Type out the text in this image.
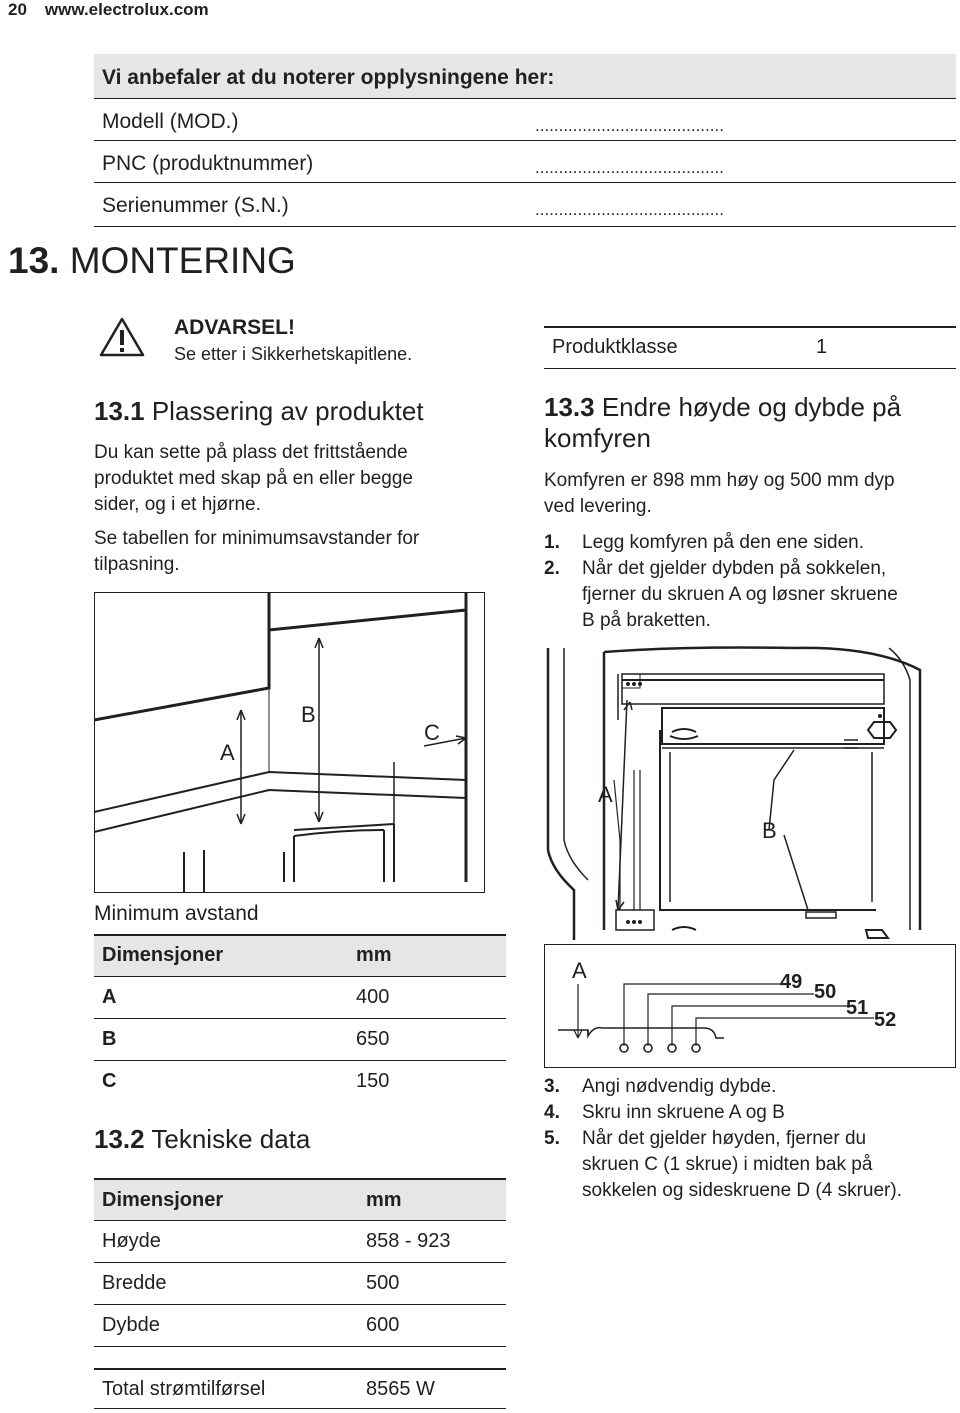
20 www.electrolux.com
Vi anbefaler at du noterer opplysningene her:
Modell (MOD.)	........................................
PNC (produktnummer)	........................................
Serienummer (S.N.)	........................................
13. MONTERING
ADVARSEL!
Se etter i Sikkerhetskapitlene.
13.1 Plassering av produktet
Du kan sette på plass det frittstående
produktet med skap på en eller begge
sider, og i et hjørne.
Se tabellen for minimumsavstander for
tilpasning.
A
B
C
Minimum avstand
Dimensjoner	mm
A	400
B	650
C	150
13.2 Tekniske data
Dimensjoner	mm
Høyde	858 - 923
Bredde	500
Dybde	600
Total strømtilførsel	8565 W
Produktklasse	1
13.3 Endre høyde og dybde på
komfyren
Komfyren er 898 mm høy og 500 mm dyp
ved levering.
1. Legg komfyren på den ene siden.
2. Når det gjelder dybden på sokkelen,
fjerner du skruen A og løsner skruene
B på braketten.
A
B
A	49 50
51
52
3. Angi nødvendig dybde.
4. Skru inn skruene A og B
5. Når det gjelder høyden, fjerner du
skruen C (1 skrue) i midten bak på
sokkelen og sideskruene D (4 skruer).
